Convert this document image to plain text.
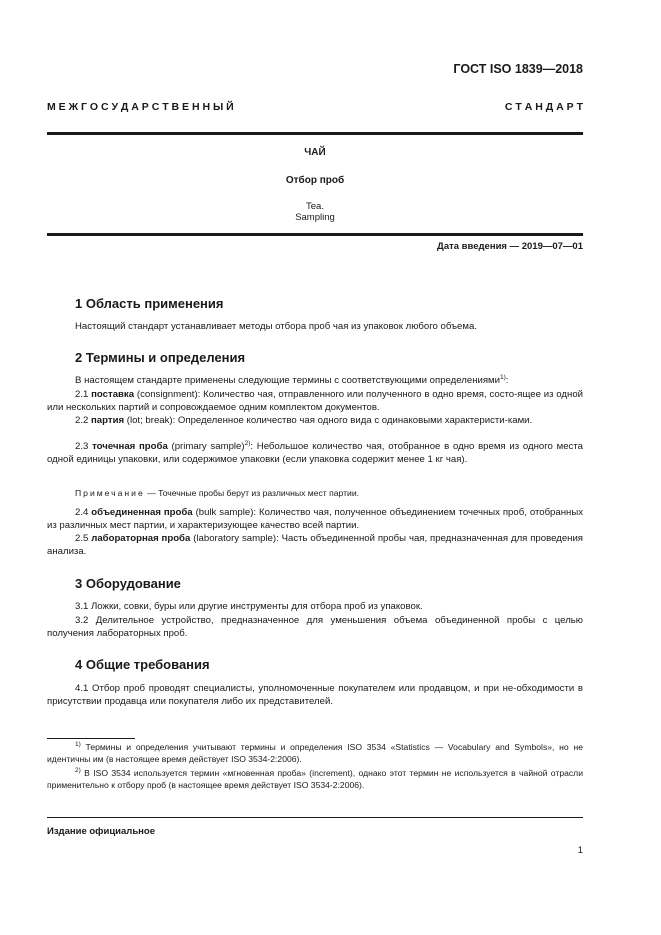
ГОСТ ISO 1839—2018
М Е Ж Г О С У Д А Р С Т В Е Н Н Ы Й	С Т А Н Д А Р Т
ЧАЙ
Отбор проб
Tea.
Sampling
Дата введения — 2019—07—01
1 Область применения
Настоящий стандарт устанавливает методы отбора проб чая из упаковок любого объема.
2 Термины и определения
В настоящем стандарте применены следующие термины с соответствующими определениями$^{1)}$:
2.1 поставка (consignment): Количество чая, отправленного или полученного в одно время, состо-ящее из одной или нескольких партий и сопровождаемое одним комплектом документов.
2.2 партия (lot; break): Определенное количество чая одного вида с одинаковыми характеристи-ками.
2.3 точечная проба (primary sample)$^{2)}$: Небольшое количество чая, отобранное в одно время из одного места одной единицы упаковки, или содержимое упаковки (если упаковка содержит менее 1 кг чая).
Примечание — Точечные пробы берут из различных мест партии.
2.4 объединенная проба (bulk sample): Количество чая, полученное объединением точечных проб, отобранных из различных мест партии, и характеризующее качество всей партии.
2.5 лабораторная проба (laboratory sample): Часть объединенной пробы чая, предназначенная для проведения анализа.
3 Оборудование
3.1 Ложки, совки, буры или другие инструменты для отбора проб из упаковок.
3.2 Делительное устройство, предназначенное для уменьшения объема объединенной пробы с целью получения лабораторных проб.
4 Общие требования
4.1 Отбор проб проводят специалисты, уполномоченные покупателем или продавцом, и при не-обходимости в присутствии продавца или покупателя либо их представителей.
$^{1)}$ Термины и определения учитывают термины и определения ISO 3534 «Statistics — Vocabulary and Symbols», но не идентичны им (в настоящее время действует ISO 3534-2:2006).
$^{2)}$ В ISO 3534 используется термин «мгновенная проба» (increment), однако этот термин не используется в чайной отрасли применительно к отбору проб (в настоящее время действует ISO 3534-2:2006).
Издание официальное
1
